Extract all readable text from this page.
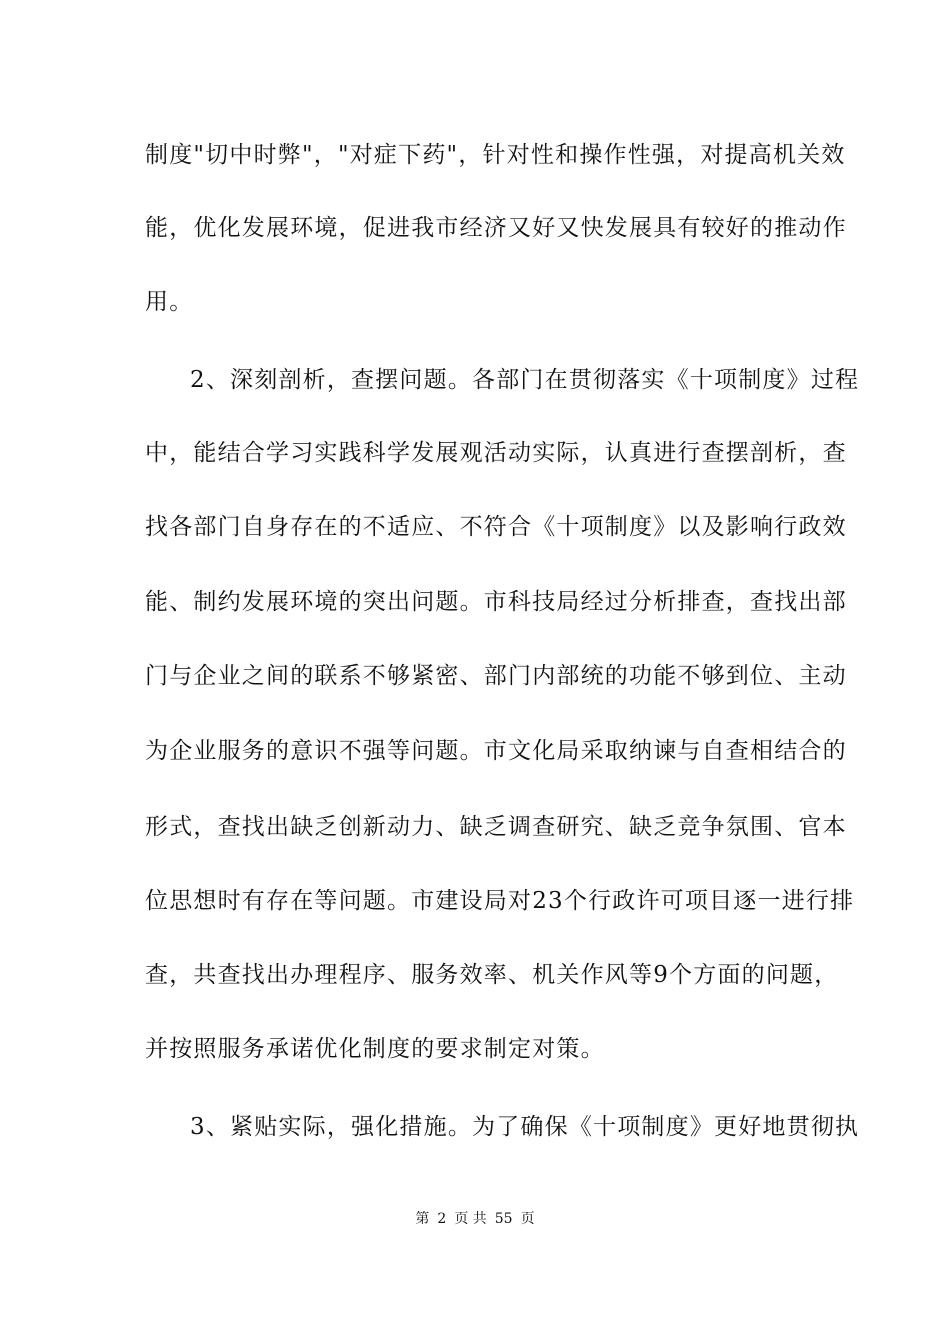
制度"切中时弊"，"对症下药"，针对性和操作性强，对提高机关效
能，优化发展环境，促进我市经济又好又快发展具有较好的推动作
用。
2、深刻剖析，查摆问题。各部门在贯彻落实《十项制度》过程
中，能结合学习实践科学发展观活动实际，认真进行查摆剖析，查
找各部门自身存在的不适应、不符合《十项制度》以及影响行政效
能、制约发展环境的突出问题。市科技局经过分析排查，查找出部
门与企业之间的联系不够紧密、部门内部统的功能不够到位、主动
为企业服务的意识不强等问题。市文化局采取纳谏与自查相结合的
形式，查找出缺乏创新动力、缺乏调查研究、缺乏竞争氛围、官本
位思想时有存在等问题。市建设局对23个行政许可项目逐一进行排
查，共查找出办理程序、服务效率、机关作风等9个方面的问题，
并按照服务承诺优化制度的要求制定对策。
3、紧贴实际，强化措施。为了确保《十项制度》更好地贯彻执
第 2 页 共 55 页
